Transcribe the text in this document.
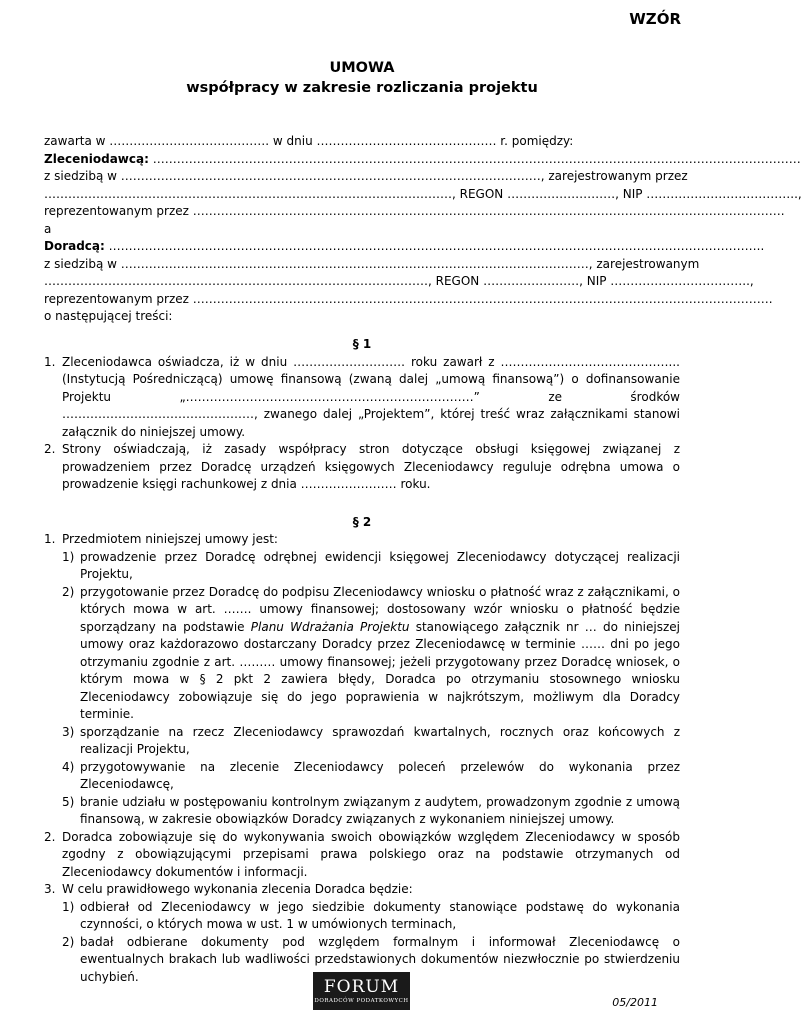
WZÓR
UMOWA
współpracy w zakresie rozliczania projektu
zawarta w …………………………………. w dniu ……………………………………… r. pomiędzy:
Zleceniodawcą: ………………………………………………………………………………………………………………………………………………
z siedzibą w ……………………………………………………………………………………………, zarejestrowanym przez
…………………………………………………………………………………………, REGON ………………………, NIP ………………………………..,
reprezentowanym przez ………………………………………………………………………………………………………………………………….
a
Doradcą: ………………………………………………………………………………………………………………………………………………..
z siedzibą w ………………………………………………………………………………………………………, zarejestrowanym
……………………………………………………………………………………, REGON ……………………, NIP ……………………………..,
reprezentowanym przez ……………………………………………………………………………………………………………………………….
o następującej treści:

§ 1

1. Zleceniodawca oświadcza, iż w dniu ………………………. roku zawarł z ……………………………………... (Instytucją Pośredniczącą) umowę finansową (zwaną dalej „umową finansową”) o dofinansowanie Projektu „………………………………………………………………” ze środków …………………………………………, zwanego dalej „Projektem”, której treść wraz załącznikami stanowi załącznik do niniejszej umowy.
2. Strony oświadczają, iż zasady współpracy stron dotyczące obsługi księgowej związanej z prowadzeniem przez Doradcę urządzeń księgowych Zleceniodawcy reguluje odrębna umowa o prowadzenie księgi rachunkowej z dnia …………………… roku.

§ 2

1. Przedmiotem niniejszej umowy jest:
1) prowadzenie przez Doradcę odrębnej ewidencji księgowej Zleceniodawcy dotyczącej realizacji Projektu,
2) przygotowanie przez Doradcę do podpisu Zleceniodawcy wniosku o płatność wraz z załącznikami, o których mowa w art. ……. umowy finansowej; dostosowany wzór wniosku o płatność będzie sporządzany na podstawie Planu Wdrażania Projektu stanowiącego załącznik nr … do niniejszej umowy oraz każdorazowo dostarczany Doradcy przez Zleceniodawcę w terminie …… dni po jego otrzymaniu zgodnie z art. ……… umowy finansowej; jeżeli przygotowany przez Doradcę wniosek, o którym mowa w § 2 pkt 2 zawiera błędy, Doradca po otrzymaniu stosownego wniosku Zleceniodawcy zobowiązuje się do jego poprawienia w najkrótszym, możliwym dla Doradcy terminie.
3) sporządzanie na rzecz Zleceniodawcy sprawozdań kwartalnych, rocznych oraz końcowych z realizacji Projektu,
4) przygotowywanie na zlecenie Zleceniodawcy poleceń przelewów do wykonania przez Zleceniodawcę,
5) branie udziału w postępowaniu kontrolnym związanym z audytem, prowadzonym zgodnie z umową finansową, w zakresie obowiązków Doradcy związanych z wykonaniem niniejszej umowy.
2. Doradca zobowiązuje się do wykonywania swoich obowiązków względem Zleceniodawcy w sposób zgodny z obowiązującymi przepisami prawa polskiego oraz na podstawie otrzymanych od Zleceniodawcy dokumentów i informacji.
3. W celu prawidłowego wykonania zlecenia Doradca będzie:
1) odbierał od Zleceniodawcy w jego siedzibie dokumenty stanowiące podstawę do wykonania czynności, o których mowa w ust. 1 w umówionych terminach,
2) badał odbierane dokumenty pod względem formalnym i informował Zleceniodawcę o ewentualnych brakach lub wadliwości przedstawionych dokumentów niezwłocznie po stwierdzeniu uchybień.
FORUM
DORADCÓW PODATKOWYCH	05/2011
